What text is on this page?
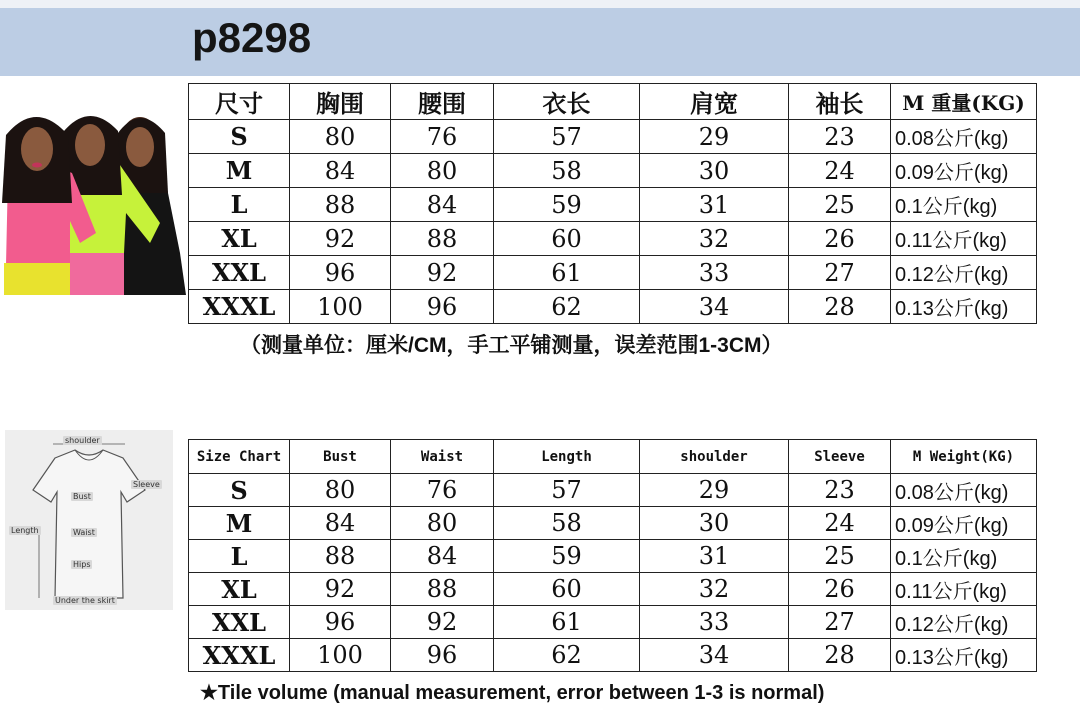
p8298
尺寸	胸围	腰围	衣长	肩宽	袖长	M 重量(KG)
S	80	76	57	29	23	0.08公斤(kg)
M	84	80	58	30	24	0.09公斤(kg)
L	88	84	59	31	25	0.1公斤(kg)
XL	92	88	60	32	26	0.11公斤(kg)
XXL	96	92	61	33	27	0.12公斤(kg)
XXXL	100	96	62	34	28	0.13公斤(kg)
（测量单位：厘米/CM，手工平铺测量，误差范围1-3CM）
shoulder
Sleeve
Bust
Waist
Length
Hips
Under the skirt
Size Chart	Bust	Waist	Length	shoulder	Sleeve	M Weight(KG)
S	80	76	57	29	23	0.08公斤(kg)
M	84	80	58	30	24	0.09公斤(kg)
L	88	84	59	31	25	0.1公斤(kg)
XL	92	88	60	32	26	0.11公斤(kg)
XXL	96	92	61	33	27	0.12公斤(kg)
XXXL	100	96	62	34	28	0.13公斤(kg)
★Tile volume (manual measurement, error between 1-3 is normal)
